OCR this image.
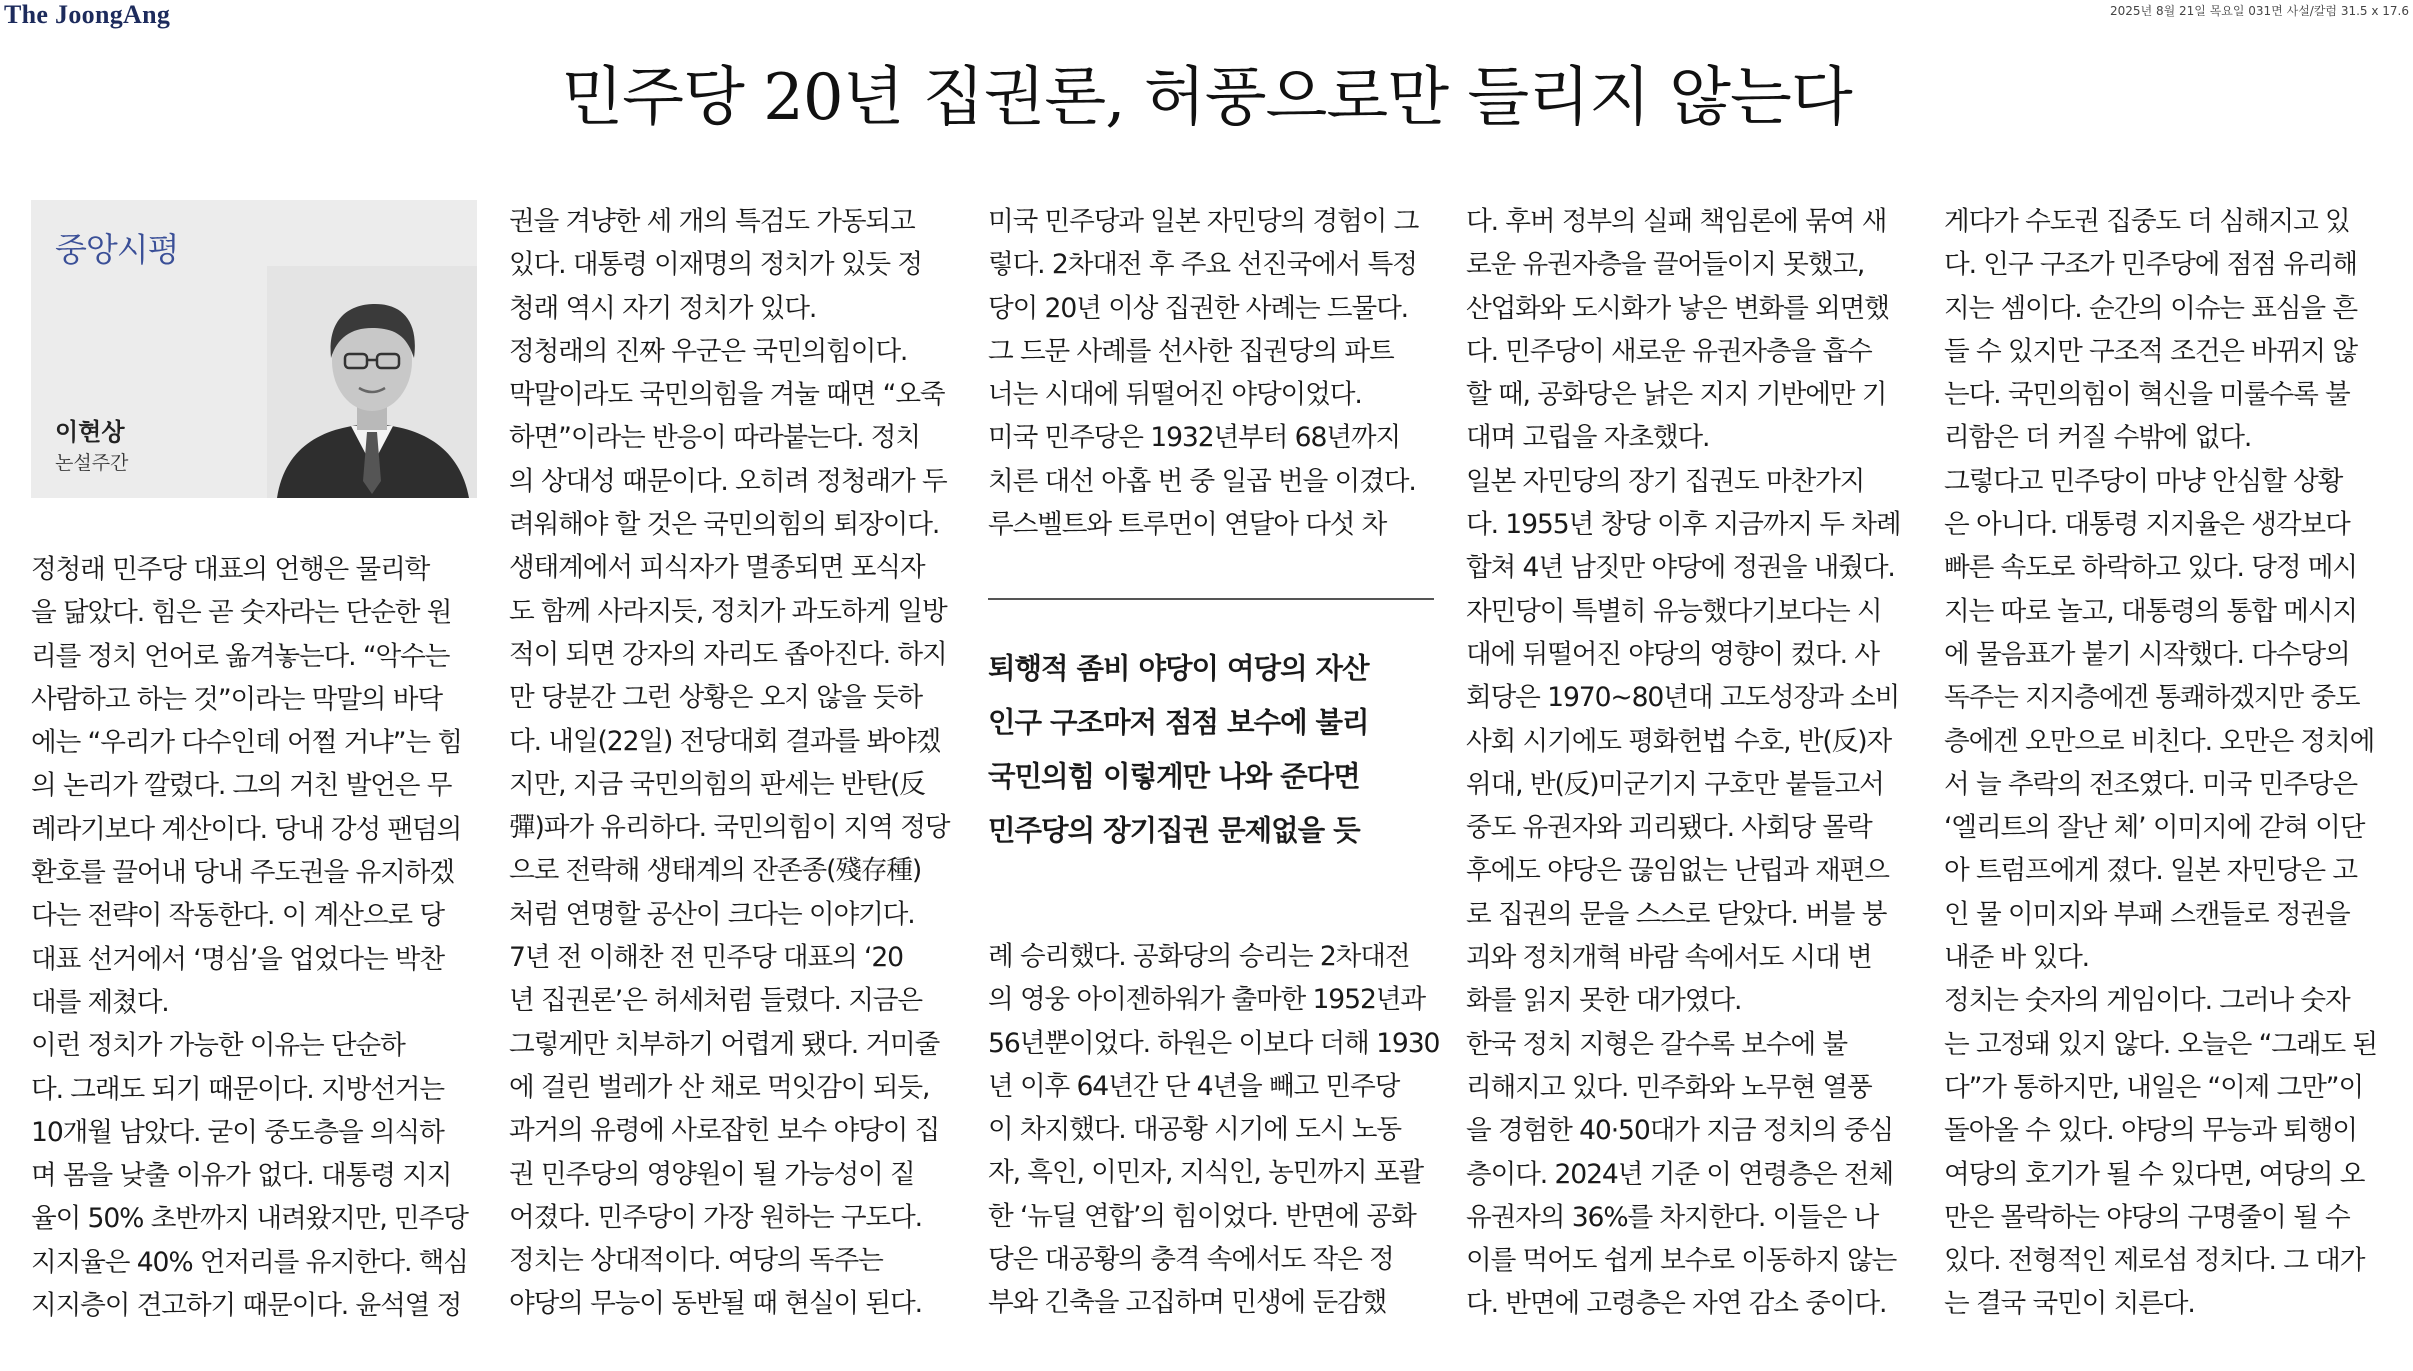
The JoongAng	2025년 8월 21일 목요일 031면 사설/칼럼 31.5 x 17.6
민주당 20년 집권론, 허풍으로만 들리지 않는다
중앙시평
이현상
논설주간
정청래 민주당 대표의 언행은 물리학
을 닮았다. 힘은 곧 숫자라는 단순한 원
리를 정치 언어로 옮겨놓는다. “악수는
사람하고 하는 것”이라는 막말의 바닥
에는 “우리가 다수인데 어쩔 거냐”는 힘
의 논리가 깔렸다. 그의 거친 발언은 무
례라기보다 계산이다. 당내 강성 팬덤의
환호를 끌어내 당내 주도권을 유지하겠
다는 전략이 작동한다. 이 계산으로 당
대표 선거에서 ‘명심’을 업었다는 박찬
대를 제쳤다.
이런 정치가 가능한 이유는 단순하
다. 그래도 되기 때문이다. 지방선거는
10개월 남았다. 굳이 중도층을 의식하
며 몸을 낮출 이유가 없다. 대통령 지지
율이 50% 초반까지 내려왔지만, 민주당
지지율은 40% 언저리를 유지한다. 핵심
지지층이 견고하기 때문이다. 윤석열 정
권을 겨냥한 세 개의 특검도 가동되고
있다. 대통령 이재명의 정치가 있듯 정
청래 역시 자기 정치가 있다.
정청래의 진짜 우군은 국민의힘이다.
막말이라도 국민의힘을 겨눌 때면 “오죽
하면”이라는 반응이 따라붙는다. 정치
의 상대성 때문이다. 오히려 정청래가 두
려워해야 할 것은 국민의힘의 퇴장이다.
생태계에서 피식자가 멸종되면 포식자
도 함께 사라지듯, 정치가 과도하게 일방
적이 되면 강자의 자리도 좁아진다. 하지
만 당분간 그런 상황은 오지 않을 듯하
다. 내일(22일) 전당대회 결과를 봐야겠
지만, 지금 국민의힘의 판세는 반탄(反
彈)파가 유리하다. 국민의힘이 지역 정당
으로 전락해 생태계의 잔존종(殘存種)
처럼 연명할 공산이 크다는 이야기다.
7년 전 이해찬 전 민주당 대표의 ‘20
년 집권론’은 허세처럼 들렸다. 지금은
그렇게만 치부하기 어렵게 됐다. 거미줄
에 걸린 벌레가 산 채로 먹잇감이 되듯,
과거의 유령에 사로잡힌 보수 야당이 집
권 민주당의 영양원이 될 가능성이 짙
어졌다. 민주당이 가장 원하는 구도다.
정치는 상대적이다. 여당의 독주는
야당의 무능이 동반될 때 현실이 된다.
미국 민주당과 일본 자민당의 경험이 그
렇다. 2차대전 후 주요 선진국에서 특정
당이 20년 이상 집권한 사례는 드물다.
그 드문 사례를 선사한 집권당의 파트
너는 시대에 뒤떨어진 야당이었다.
미국 민주당은 1932년부터 68년까지
치른 대선 아홉 번 중 일곱 번을 이겼다.
루스벨트와 트루먼이 연달아 다섯 차
퇴행적 좀비 야당이 여당의 자산
인구 구조마저 점점 보수에 불리
국민의힘 이렇게만 나와 준다면
민주당의 장기집권 문제없을 듯
례 승리했다. 공화당의 승리는 2차대전
의 영웅 아이젠하워가 출마한 1952년과
56년뿐이었다. 하원은 이보다 더해 1930
년 이후 64년간 단 4년을 빼고 민주당
이 차지했다. 대공황 시기에 도시 노동
자, 흑인, 이민자, 지식인, 농민까지 포괄
한 ‘뉴딜 연합’의 힘이었다. 반면에 공화
당은 대공황의 충격 속에서도 작은 정
부와 긴축을 고집하며 민생에 둔감했
다. 후버 정부의 실패 책임론에 묶여 새
로운 유권자층을 끌어들이지 못했고,
산업화와 도시화가 낳은 변화를 외면했
다. 민주당이 새로운 유권자층을 흡수
할 때, 공화당은 낡은 지지 기반에만 기
대며 고립을 자초했다.
일본 자민당의 장기 집권도 마찬가지
다. 1955년 창당 이후 지금까지 두 차례
합쳐 4년 남짓만 야당에 정권을 내줬다.
자민당이 특별히 유능했다기보다는 시
대에 뒤떨어진 야당의 영향이 컸다. 사
회당은 1970~80년대 고도성장과 소비
사회 시기에도 평화헌법 수호, 반(反)자
위대, 반(反)미군기지 구호만 붙들고서
중도 유권자와 괴리됐다. 사회당 몰락
후에도 야당은 끊임없는 난립과 재편으
로 집권의 문을 스스로 닫았다. 버블 붕
괴와 정치개혁 바람 속에서도 시대 변
화를 읽지 못한 대가였다.
한국 정치 지형은 갈수록 보수에 불
리해지고 있다. 민주화와 노무현 열풍
을 경험한 40·50대가 지금 정치의 중심
층이다. 2024년 기준 이 연령층은 전체
유권자의 36%를 차지한다. 이들은 나
이를 먹어도 쉽게 보수로 이동하지 않는
다. 반면에 고령층은 자연 감소 중이다.
게다가 수도권 집중도 더 심해지고 있
다. 인구 구조가 민주당에 점점 유리해
지는 셈이다. 순간의 이슈는 표심을 흔
들 수 있지만 구조적 조건은 바뀌지 않
는다. 국민의힘이 혁신을 미룰수록 불
리함은 더 커질 수밖에 없다.
그렇다고 민주당이 마냥 안심할 상황
은 아니다. 대통령 지지율은 생각보다
빠른 속도로 하락하고 있다. 당정 메시
지는 따로 놀고, 대통령의 통합 메시지
에 물음표가 붙기 시작했다. 다수당의
독주는 지지층에겐 통쾌하겠지만 중도
층에겐 오만으로 비친다. 오만은 정치에
서 늘 추락의 전조였다. 미국 민주당은
‘엘리트의 잘난 체’ 이미지에 갇혀 이단
아 트럼프에게 졌다. 일본 자민당은 고
인 물 이미지와 부패 스캔들로 정권을
내준 바 있다.
정치는 숫자의 게임이다. 그러나 숫자
는 고정돼 있지 않다. 오늘은 “그래도 된
다”가 통하지만, 내일은 “이제 그만”이
돌아올 수 있다. 야당의 무능과 퇴행이
여당의 호기가 될 수 있다면, 여당의 오
만은 몰락하는 야당의 구명줄이 될 수
있다. 전형적인 제로섬 정치다. 그 대가
는 결국 국민이 치른다.
